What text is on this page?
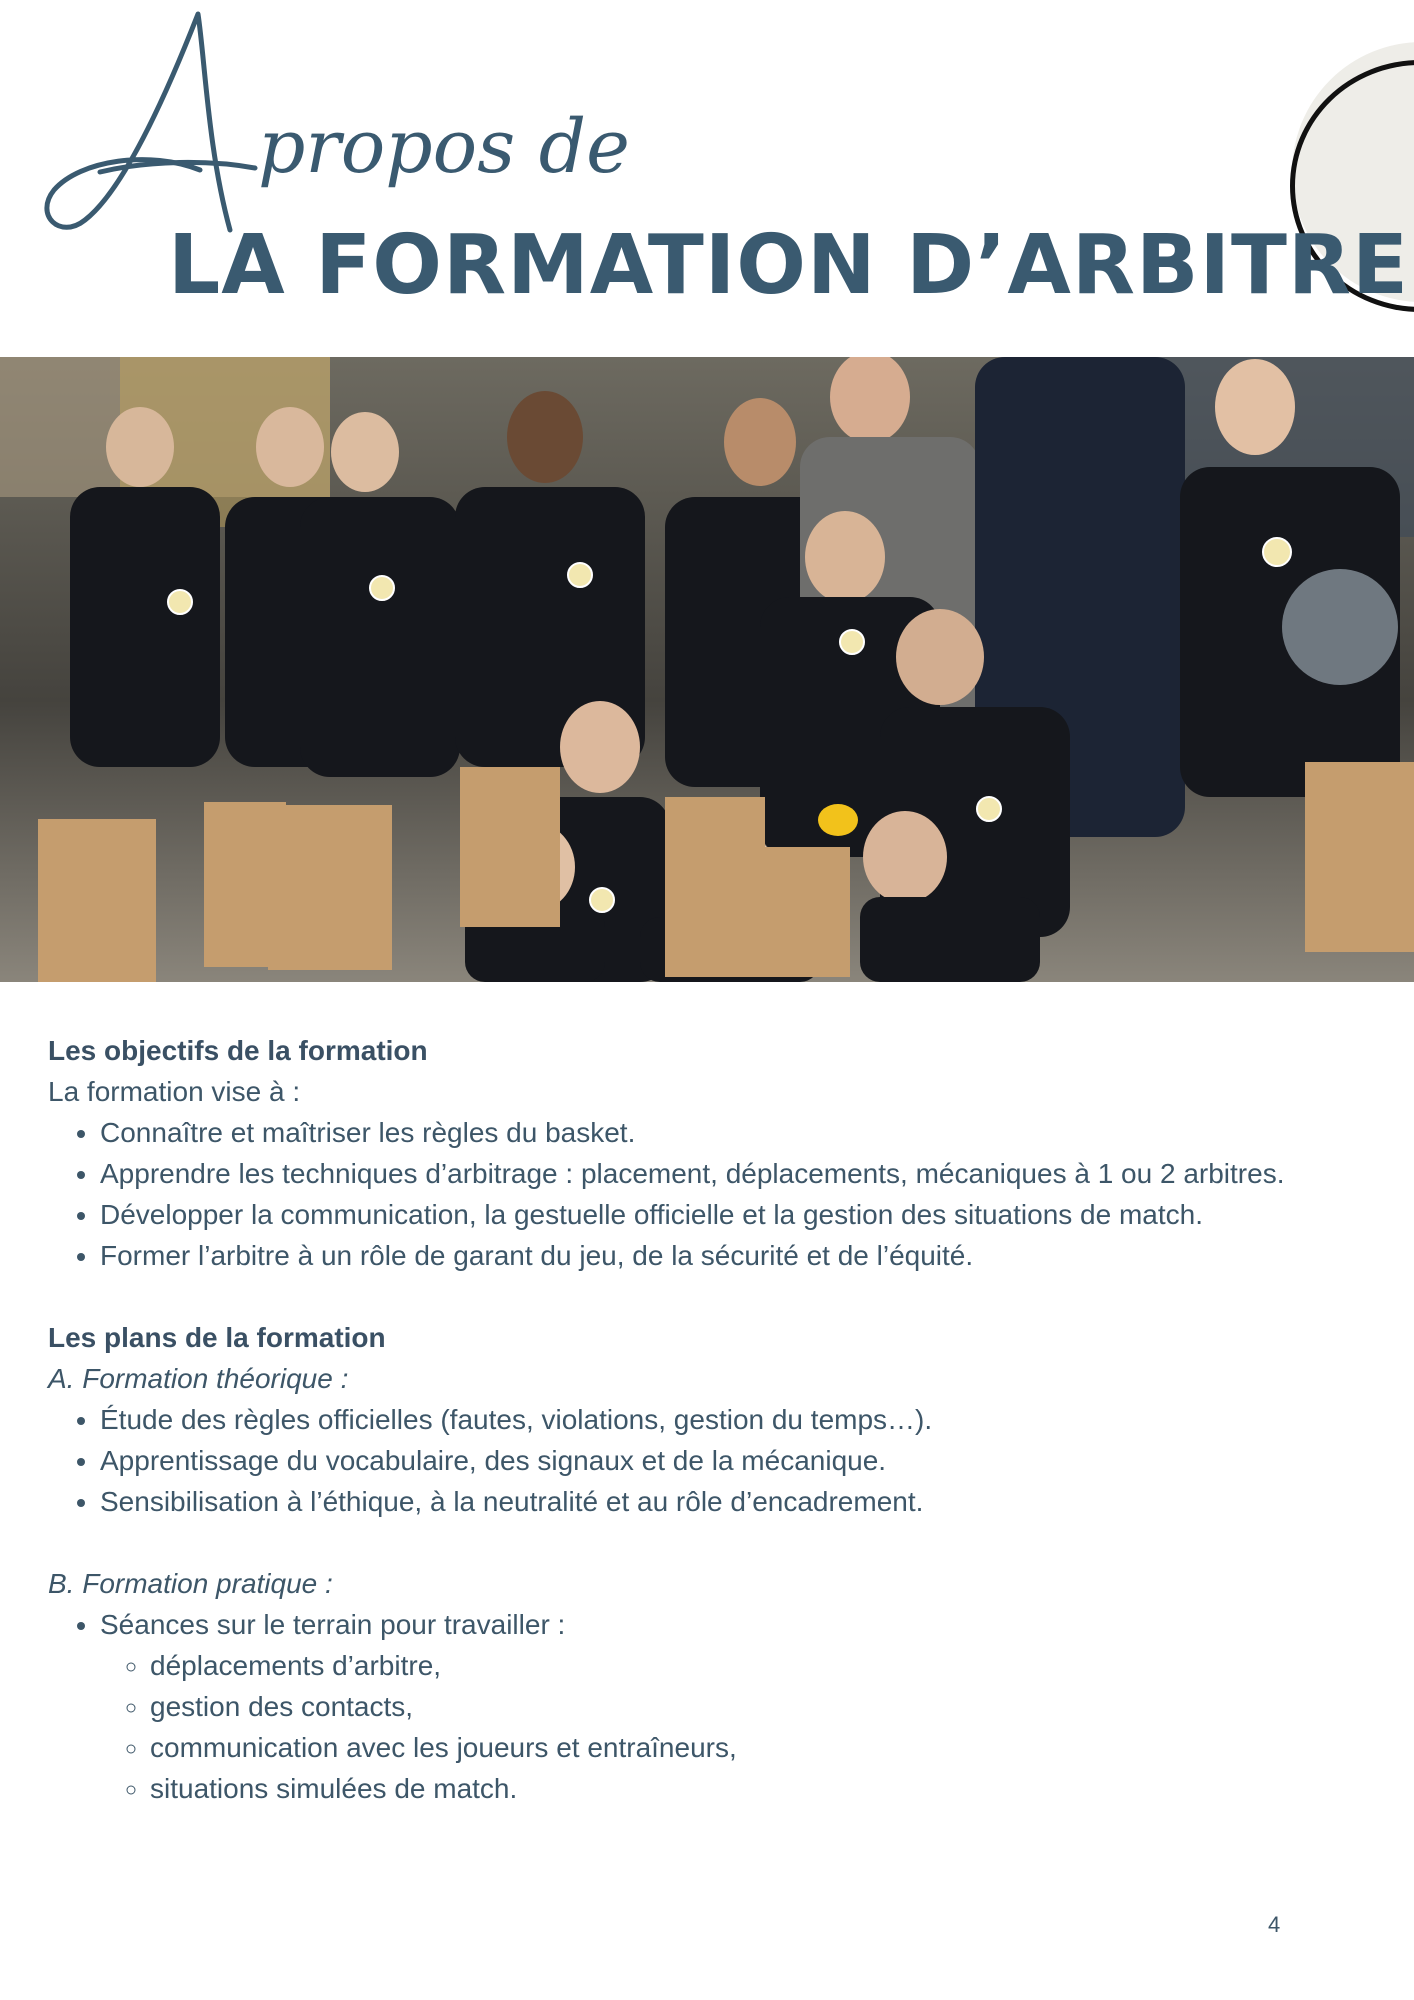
propos de
LA FORMATION D’ARBITRE
Les objectifs de la formation

La formation vise à :

• Connaître et maîtriser les règles du basket.
• Apprendre les techniques d’arbitrage : placement, déplacements, mécaniques à 1 ou 2 arbitres.
• Développer la communication, la gestuelle officielle et la gestion des situations de match.
• Former l’arbitre à un rôle de garant du jeu, de la sécurité et de l’équité.
Les plans de la formation

A. Formation théorique :

• Étude des règles officielles (fautes, violations, gestion du temps…).
• Apprentissage du vocabulaire, des signaux et de la mécanique.
• Sensibilisation à l’éthique, à la neutralité et au rôle d’encadrement.

B. Formation pratique :

• Séances sur le terrain pour travailler :
◦ déplacements d’arbitre,
◦ gestion des contacts,
◦ communication avec les joueurs et entraîneurs,
◦ situations simulées de match.
4
